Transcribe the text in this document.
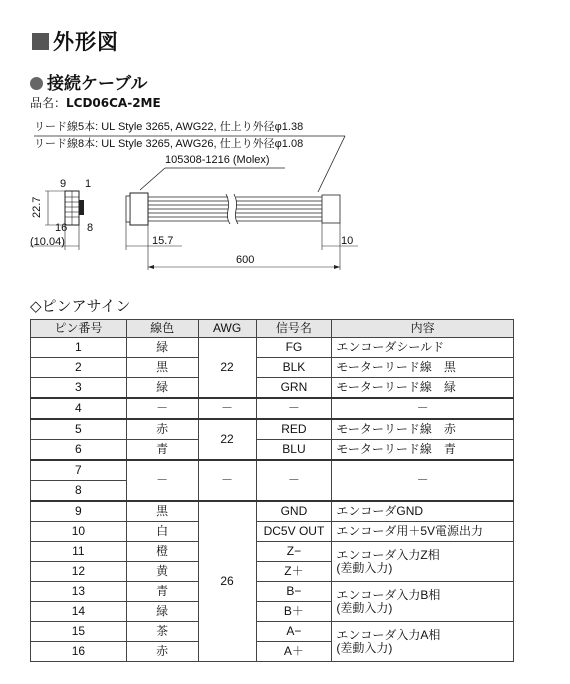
外形図
接続ケーブル
品名：LCD06CA-2ME
リード線5本: UL Style 3265, AWG22, 仕上り外径φ1.38
リード線8本: UL Style 3265, AWG26, 仕上り外径φ1.08
105308-1216 (Molex)
9 1
16 8
22.7
(10.04)	15.7	10
600
◇ピンアサイン
ピン番号	線色	AWG	信号名	内容
1	緑	22	FG	エンコーダシールド
2	黒		BLK	モーターリード線　黒
3	緑		GRN	モーターリード線　緑
4	－	－	－	－
5	赤	22	RED	モーターリード線　赤
6	青		BLU	モーターリード線　青
7	－	－	－	－
8				
9	黒	26	GND	エンコーダGND
10	白		DC5V OUT	エンコーダ用＋5V電源出力
11	橙		Z−	エンコーダ入力Z相
(差動入力)
12	黄		Z＋	
13	青		B−	エンコーダ入力B相
(差動入力)
14	緑		B＋	
15	茶		A−	エンコーダ入力A相
(差動入力)
16	赤		A＋	
